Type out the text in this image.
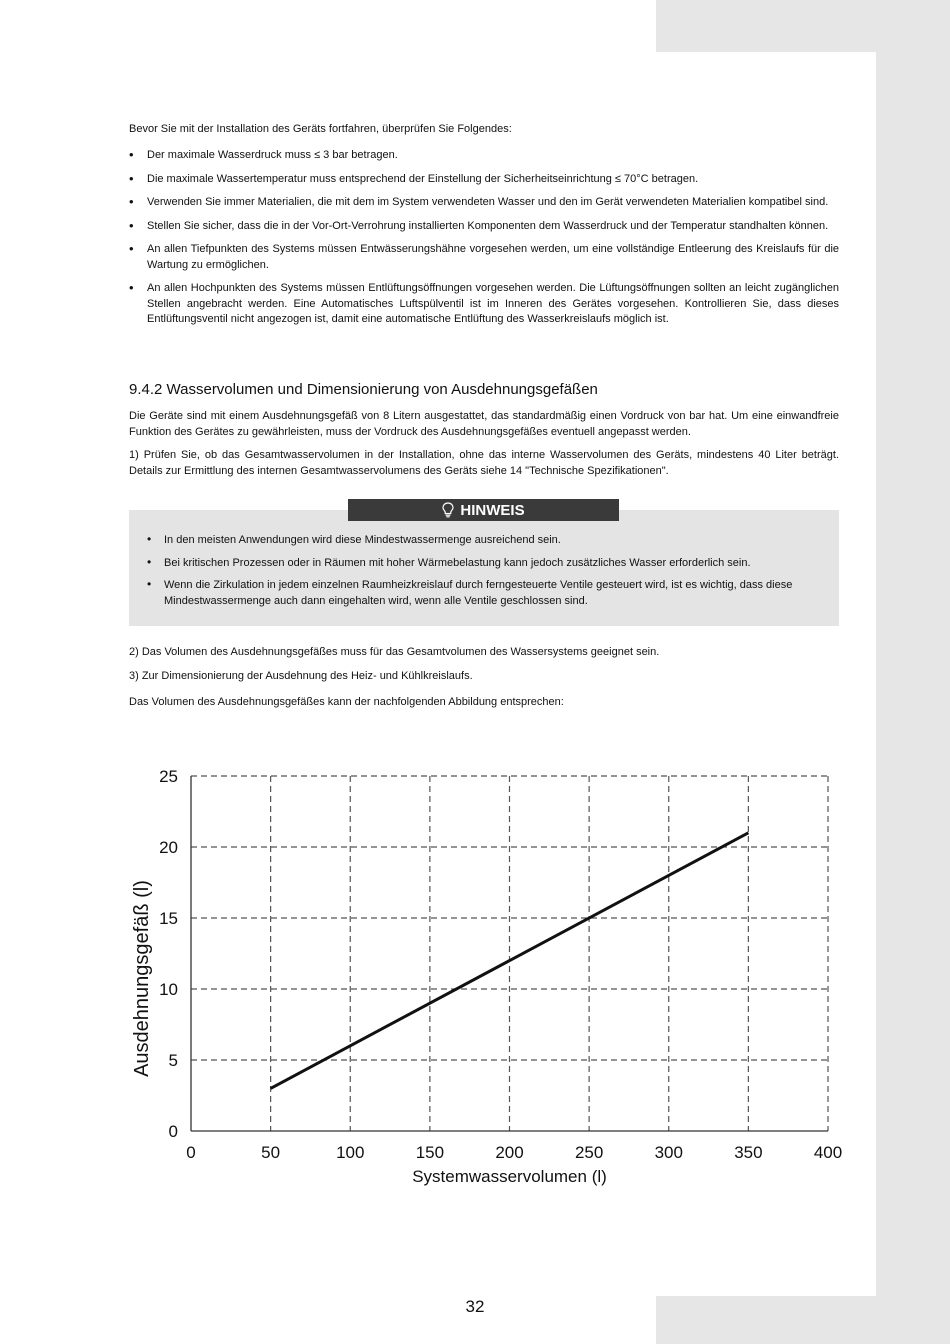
Bevor Sie mit der Installation des Geräts fortfahren, überprüfen Sie Folgendes:

• Der maximale Wasserdruck muss ≤ 3 bar betragen.
• Die maximale Wassertemperatur muss entsprechend der Einstellung der Sicherheitseinrichtung ≤ 70°C betragen.
• Verwenden Sie immer Materialien, die mit dem im System verwendeten Wasser und den im Gerät verwendeten Materialien kompatibel sind.
• Stellen Sie sicher, dass die in der Vor-Ort-Verrohrung installierten Komponenten dem Wasserdruck und der Temperatur standhalten können.
• An allen Tiefpunkten des Systems müssen Entwässerungshähne vorgesehen werden, um eine vollständige Entleerung des Kreislaufs für die Wartung zu ermöglichen.
• An allen Hochpunkten des Systems müssen Entlüftungsöffnungen vorgesehen werden. Die Lüftungsöffnungen sollten an leicht zugänglichen Stellen angebracht werden. Eine Automatisches Luftspülventil ist im Inneren des Gerätes vorgesehen. Kontrollieren Sie, dass dieses Entlüftungsventil nicht angezogen ist, damit eine automatische Entlüftung des Wasserkreislaufs möglich ist.
9.4.2 Wasservolumen und Dimensionierung von Ausdehnungsgefäßen

Die Geräte sind mit einem Ausdehnungsgefäß von 8 Litern ausgestattet, das standardmäßig einen Vordruck von bar hat. Um eine einwandfreie Funktion des Gerätes zu gewährleisten, muss der Vordruck des Ausdehnungsgefäßes eventuell angepasst werden.

1) Prüfen Sie, ob das Gesamtwasservolumen in der Installation, ohne das interne Wasservolumen des Geräts, mindestens 40 Liter beträgt. Details zur Ermittlung des internen Gesamtwasservolumens des Geräts siehe 14 "Technische Spezifikationen".

• In den meisten Anwendungen wird diese Mindestwassermenge ausreichend sein.
• Bei kritischen Prozessen oder in Räumen mit hoher Wärmebelastung kann jedoch zusätzliches Wasser erforderlich sein.
• Wenn die Zirkulation in jedem einzelnen Raumheizkreislauf durch ferngesteuerte Ventile gesteuert wird, ist es wichtig, dass diese Mindestwassermenge auch dann eingehalten wird, wenn alle Ventile geschlossen sind.
HINWEIS

2) Das Volumen des Ausdehnungsgefäßes muss für das Gesamtvolumen des Wassersystems geeignet sein.

3) Zur Dimensionierung der Ausdehnung des Heiz- und Kühlkreislaufs.

Das Volumen des Ausdehnungsgefäßes kann der nachfolgenden Abbildung entsprechen:

0	50	100	150	200	250	300	350	400
0
5
10
15
20
25
Systemwasservolumen (l)
Ausdehnungsgefäß (l)
32
